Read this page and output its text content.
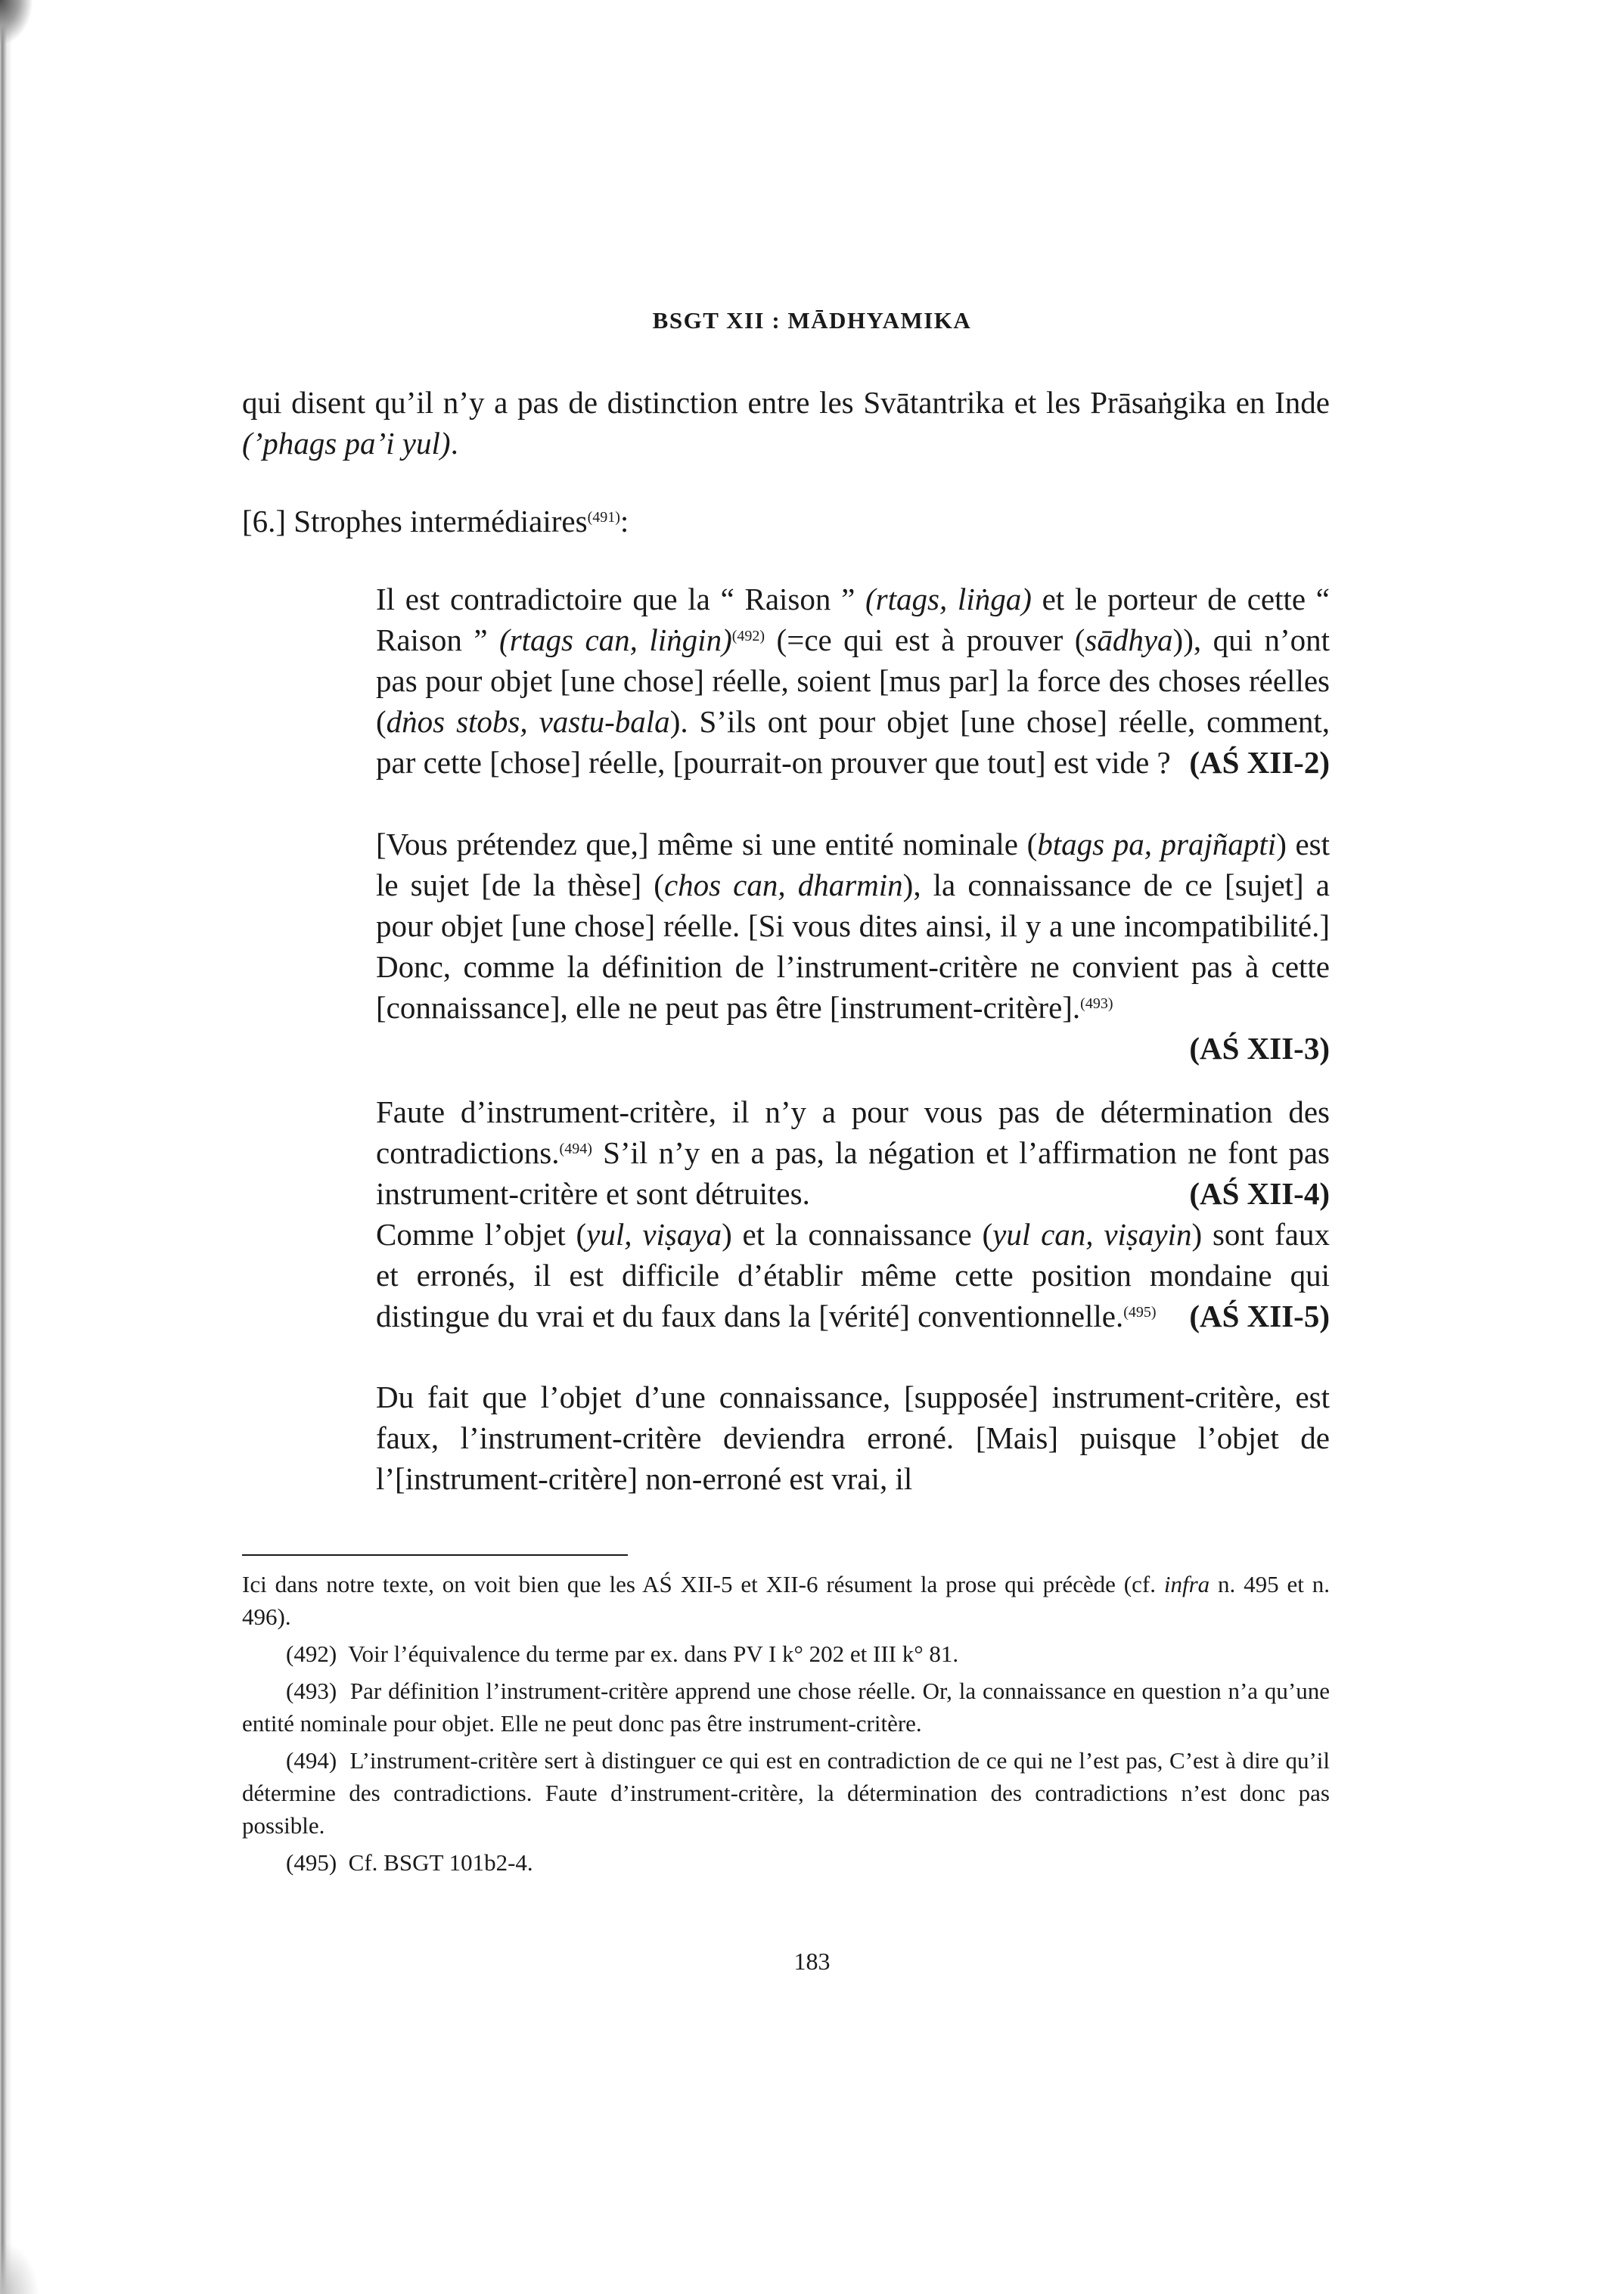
BSGT XII : MĀDHYAMIKA

qui disent qu’il n’y a pas de distinction entre les Svātantrika et les Prāsaṅgika en Inde (’phags pa’i yul).

[6.] Strophes intermédiaires$^{(491)}$:

Il est contradictoire que la “ Raison ” (rtags, liṅga) et le porteur de cette “ Raison ” (rtags can, liṅgin)$^{(492)}$ (=ce qui est à prouver (sādhya)), qui n’ont pas pour objet [une chose] réelle, soient [mus par] la force des choses réelles (dṅos stobs, vastu-bala). S’ils ont pour objet [une chose] réelle, comment, par cette [chose] réelle, [pourrait-on prouver que tout] est vide ? (AŚ XII-2)

[Vous prétendez que,] même si une entité nominale (btags pa, prajñapti) est le sujet [de la thèse] (chos can, dharmin), la connaissance de ce [sujet] a pour objet [une chose] réelle. [Si vous dites ainsi, il y a une incompatibilité.] Donc, comme la définition de l’instrument-critère ne convient pas à cette [connaissance], elle ne peut pas être [instrument-critère].$^{(493)}$
(AŚ XII-3)

Faute d’instrument-critère, il n’y a pour vous pas de détermination des contradictions.$^{(494)}$ S’il n’y en a pas, la négation et l’affirmation ne font pas instrument-critère et sont détruites.	(AŚ XII-4)

Comme l’objet (yul, viṣaya) et la connaissance (yul can, viṣayin) sont faux et erronés, il est difficile d’établir même cette position mondaine qui distingue du vrai et du faux dans la [vérité] conventionnelle.$^{(495)}$ (AŚ XII-5)

Du fait que l’objet d’une connaissance, [supposée] instrument-critère, est faux, l’instrument-critère deviendra erroné. [Mais] puisque l’objet de l’[instrument-critère] non-erroné est vrai, il

Ici dans notre texte, on voit bien que les AŚ XII-5 et XII-6 résument la prose qui précède (cf. infra n. 495 et n. 496).

(492) Voir l’équivalence du terme par ex. dans PV I k° 202 et III k° 81.

(493) Par définition l’instrument-critère apprend une chose réelle. Or, la connaissance en question n’a qu’une entité nominale pour objet. Elle ne peut donc pas être instrument-critère.

(494) L’instrument-critère sert à distinguer ce qui est en contradiction de ce qui ne l’est pas, C’est à dire qu’il détermine des contradictions. Faute d’instrument-critère, la détermination des contradictions n’est donc pas possible.

(495) Cf. BSGT 101b2-4.

183
